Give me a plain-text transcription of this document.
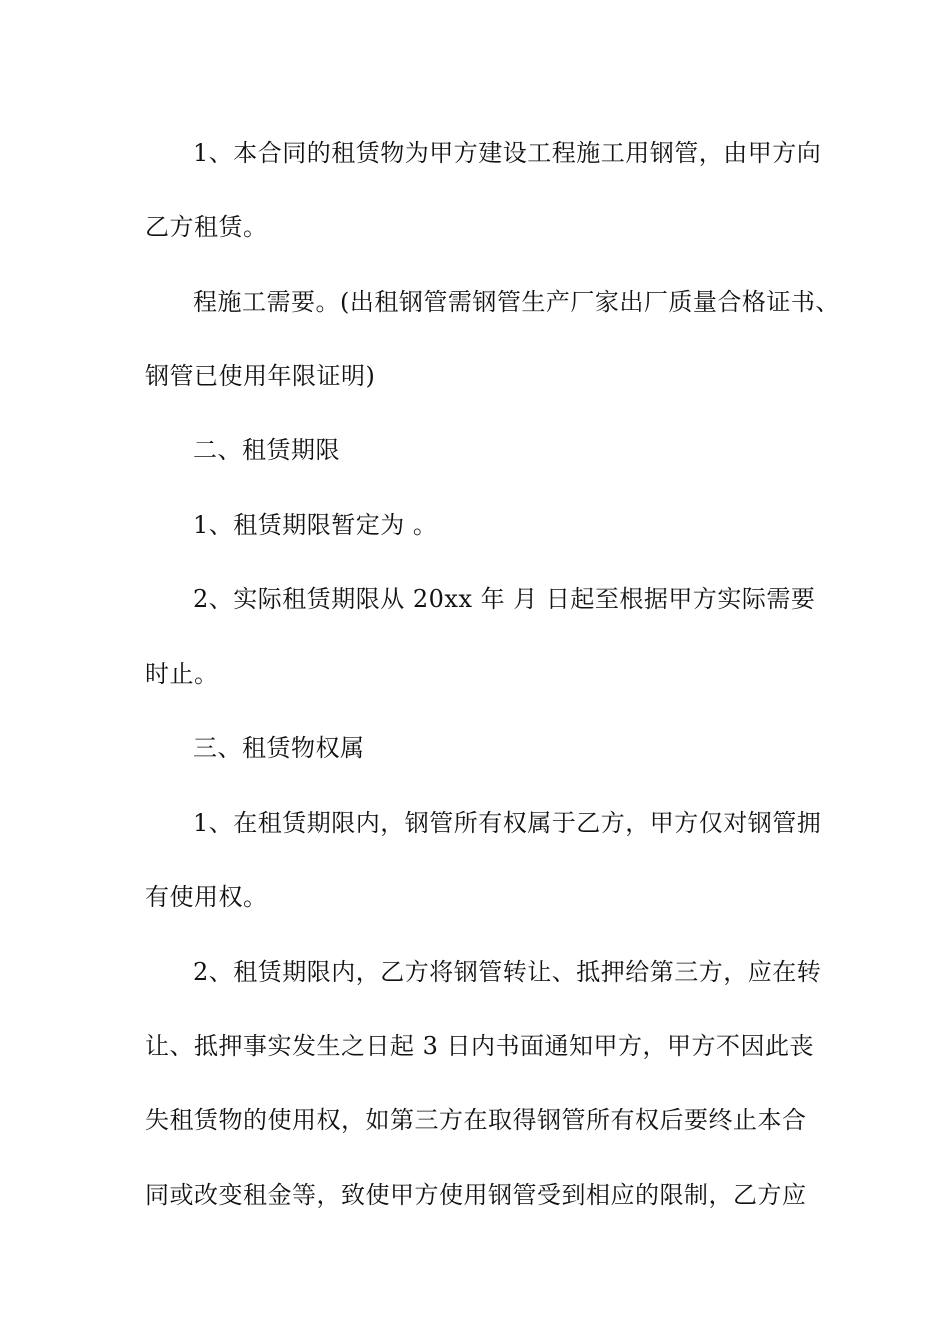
1、本合同的租赁物为甲方建设工程施工用钢管，由甲方向
乙方租赁。
程施工需要。(出租钢管需钢管生产厂家出厂质量合格证书、
钢管已使用年限证明)
二、租赁期限
1、租赁期限暂定为 。
2、实际租赁期限从 20xx 年 月 日起至根据甲方实际需要
时止。
三、租赁物权属
1、在租赁期限内，钢管所有权属于乙方，甲方仅对钢管拥
有使用权。
2、租赁期限内，乙方将钢管转让、抵押给第三方，应在转
让、抵押事实发生之日起 3 日内书面通知甲方，甲方不因此丧
失租赁物的使用权，如第三方在取得钢管所有权后要终止本合
同或改变租金等，致使甲方使用钢管受到相应的限制，乙方应
